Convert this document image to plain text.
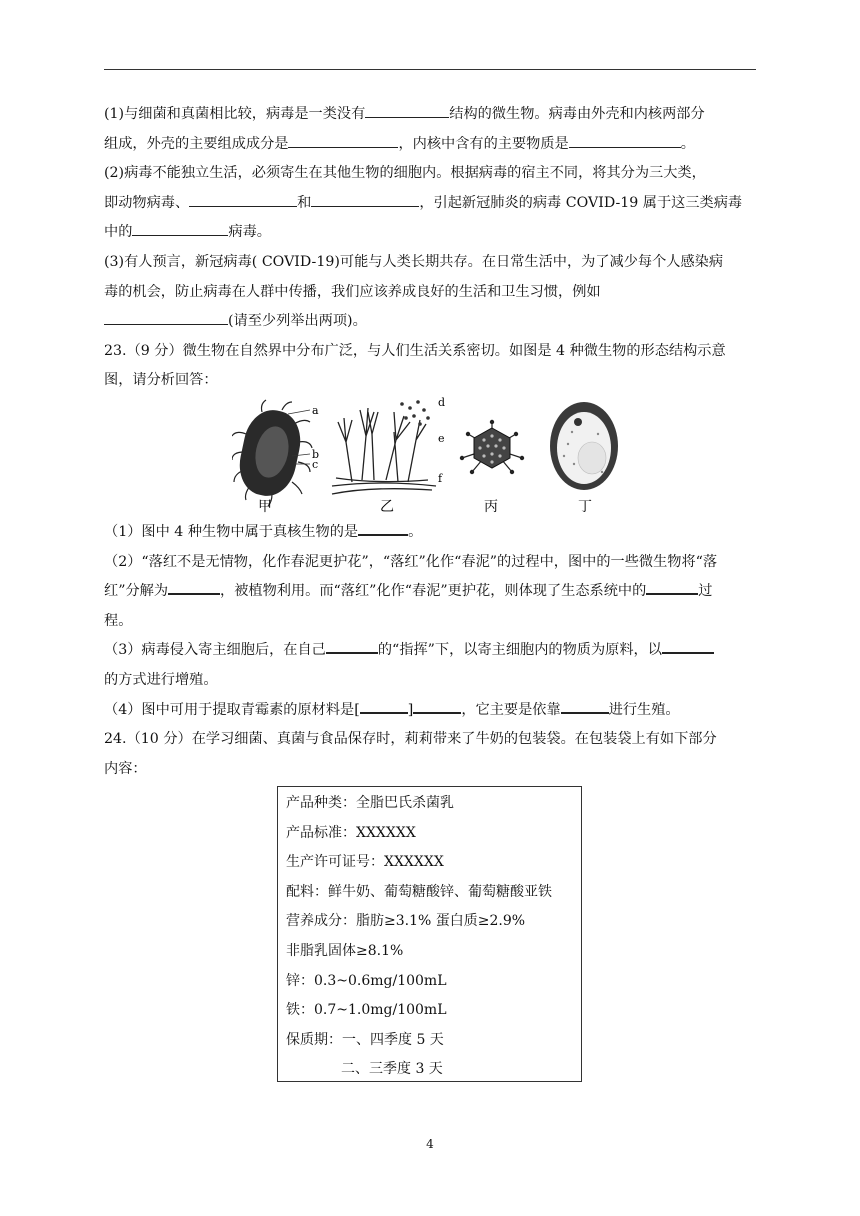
(1)与细菌和真菌相比较，病毒是一类没有	结构的微生物。病毒由外壳和内核两部分

组成，外壳的主要组成成分是	，内核中含有的主要物质是	。

(2)病毒不能独立生活，必须寄生在其他生物的细胞内。根据病毒的宿主不同，将其分为三大类，

即动物病毒、	和	，引起新冠肺炎的病毒 COVID-19 属于这三类病毒

中的	病毒。

(3)有人预言，新冠病毒( COVID-19)可能与人类长期共存。在日常生活中，为了减少每个人感染病

毒的机会，防止病毒在人群中传播，我们应该养成良好的生活和卫生习惯，例如

(请至少列举出两项)。

23.（9 分）微生物在自然界中分布广泛，与人们生活关系密切。如图是 4 种微生物的形态结构示意

图，请分析回答：

a
b
c
甲
d
e
f
乙	丙	丁

（1）图中 4 种生物中属于真核生物的是	。

（2）“落红不是无情物，化作春泥更护花”，“落红”化作“春泥”的过程中，图中的一些微生物将“落

红”分解为	，被植物利用。而“落红”化作“春泥”更护花，则体现了生态系统中的	过

程。

（3）病毒侵入寄主细胞后，在自己	的“指挥”下，以寄主细胞内的物质为原料，以

的方式进行增殖。

（4）图中可用于提取青霉素的原材料是[	]	，它主要是依靠	进行生殖。

24.（10 分）在学习细菌、真菌与食品保存时，莉莉带来了牛奶的包装袋。在包装袋上有如下部分

内容：

产品种类：全脂巴氏杀菌乳

产品标准：XXXXXX

生产许可证号：XXXXXX

配料：鲜牛奶、葡萄糖酸锌、葡萄糖酸亚铁

营养成分：脂肪≥3.1% 蛋白质≥2.9%

非脂乳固体≥8.1%

锌：0.3~0.6mg/100mL

铁：0.7~1.0mg/100mL

保质期：一、四季度 5 天

二、三季度 3 天

4
